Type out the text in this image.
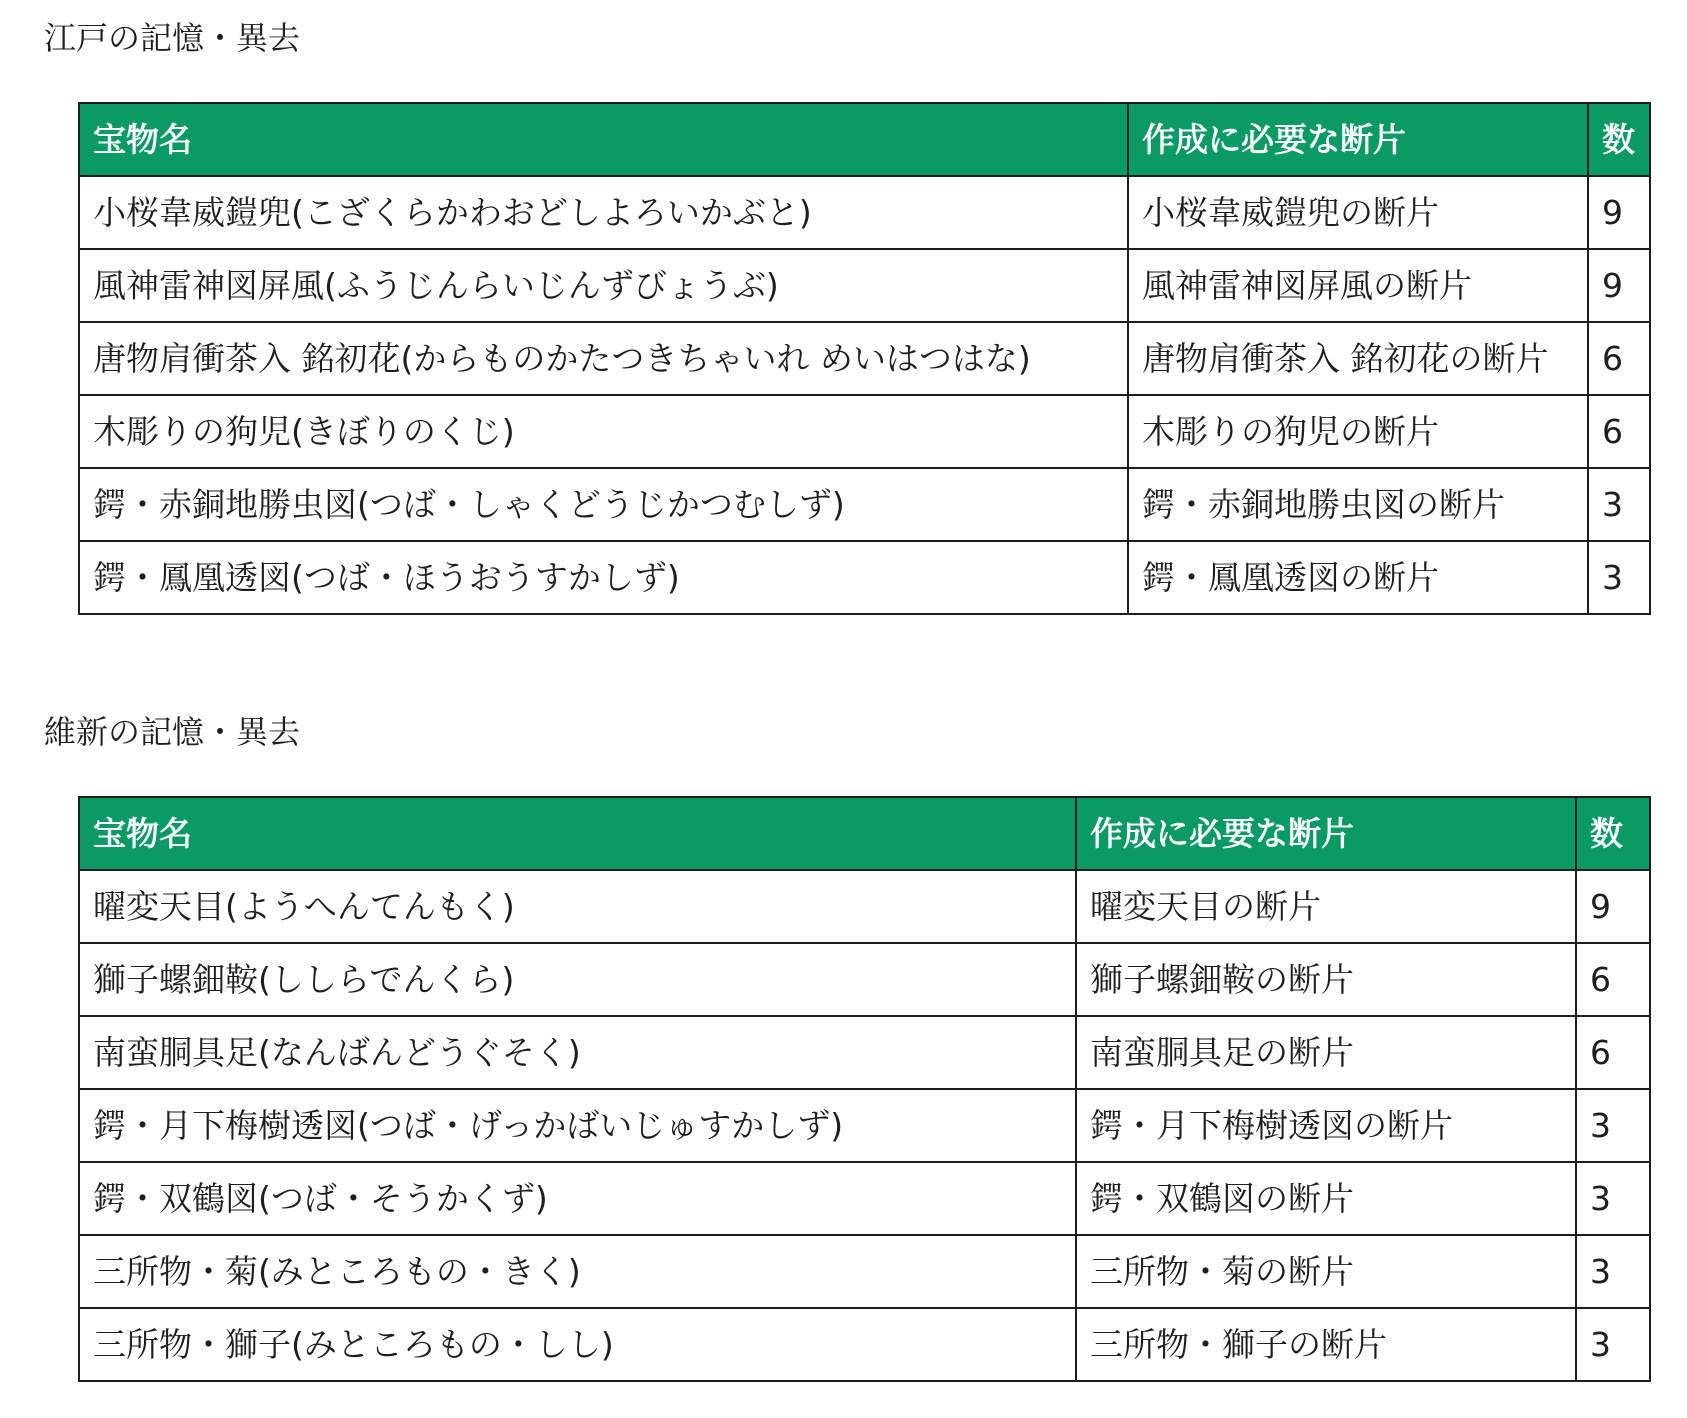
江戸の記憶・異去
宝物名	作成に必要な断片	数
小桜韋威鎧兜(こざくらかわおどしよろいかぶと)	小桜韋威鎧兜の断片	9
風神雷神図屏風(ふうじんらいじんずびょうぶ)	風神雷神図屏風の断片	9
唐物肩衝茶入 銘初花(からものかたつきちゃいれ めいはつはな)	唐物肩衝茶入 銘初花の断片	6
木彫りの狗児(きぼりのくじ)	木彫りの狗児の断片	6
鍔・赤銅地勝虫図(つば・しゃくどうじかつむしず)	鍔・赤銅地勝虫図の断片	3
鍔・鳳凰透図(つば・ほうおうすかしず)	鍔・鳳凰透図の断片	3
維新の記憶・異去
宝物名	作成に必要な断片	数
曜変天目(ようへんてんもく)	曜変天目の断片	9
獅子螺鈿鞍(ししらでんくら)	獅子螺鈿鞍の断片	6
南蛮胴具足(なんばんどうぐそく)	南蛮胴具足の断片	6
鍔・月下梅樹透図(つば・げっかばいじゅすかしず)	鍔・月下梅樹透図の断片	3
鍔・双鶴図(つば・そうかくず)	鍔・双鶴図の断片	3
三所物・菊(みところもの・きく)	三所物・菊の断片	3
三所物・獅子(みところもの・しし)	三所物・獅子の断片	3
